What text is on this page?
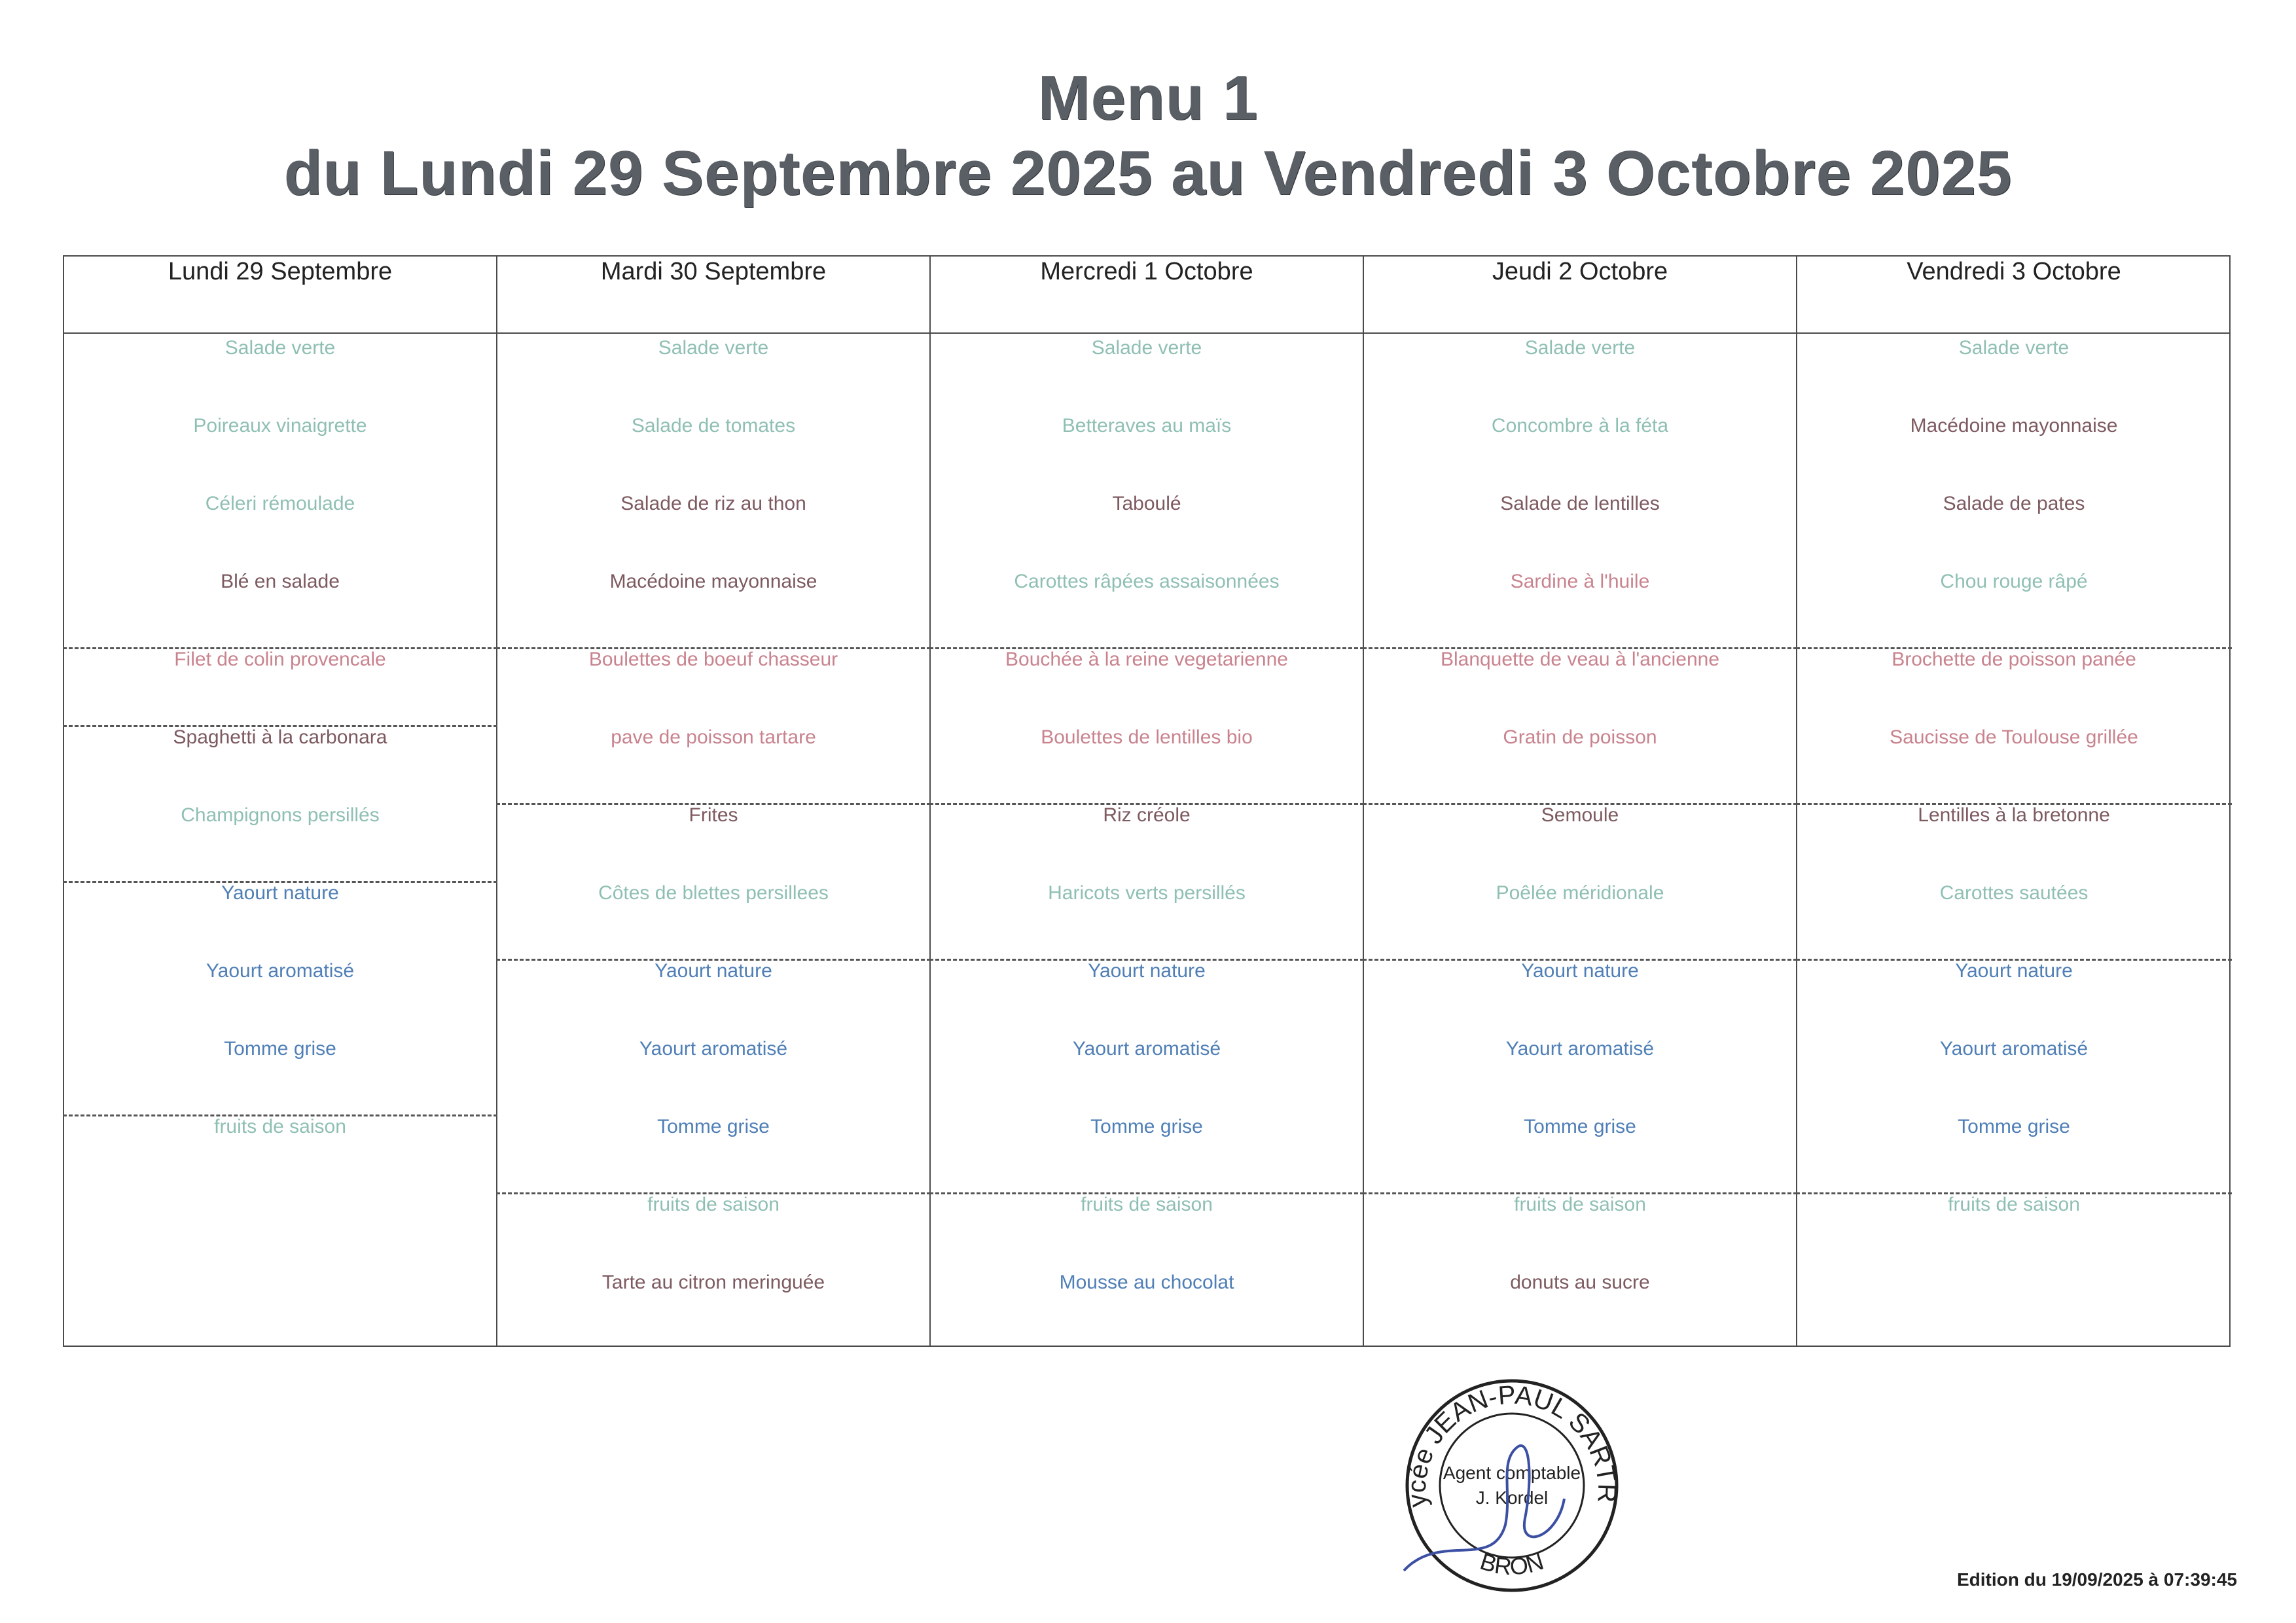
Menu 1
du Lundi 29 Septembre 2025 au Vendredi 3 Octobre 2025
Lundi 29 Septembre
Salade verte
Poireaux vinaigrette
Céleri rémoulade
Blé en salade
Filet de colin provencale
Spaghetti à la carbonara
Champignons persillés
Yaourt nature
Yaourt aromatisé
Tomme grise
fruits de saison
Mardi 30 Septembre
Salade verte
Salade de tomates
Salade de riz au thon
Macédoine mayonnaise
Boulettes de boeuf chasseur
pave de poisson tartare
Frites
Côtes de blettes persillees
Yaourt nature
Yaourt aromatisé
Tomme grise
fruits de saison
Tarte au citron meringuée
Mercredi 1 Octobre
Salade verte
Betteraves au maïs
Taboulé
Carottes râpées assaisonnées
Bouchée à la reine vegetarienne
Boulettes de lentilles bio
Riz créole
Haricots verts persillés
Yaourt nature
Yaourt aromatisé
Tomme grise
fruits de saison
Mousse au chocolat
Jeudi 2 Octobre
Salade verte
Concombre à la féta
Salade de lentilles
Sardine à l'huile
Blanquette de veau à l'ancienne
Gratin de poisson
Semoule
Poêlée méridionale
Yaourt nature
Yaourt aromatisé
Tomme grise
fruits de saison
donuts au sucre
Vendredi 3 Octobre
Salade verte
Macédoine mayonnaise
Salade de pates
Chou rouge râpé
Brochette de poisson panée
Saucisse de Toulouse grillée
Lentilles à la bretonne
Carottes sautées
Yaourt nature
Yaourt aromatisé
Tomme grise
fruits de saison
ycée JEAN-PAUL SARTR
BRON
Agent comptable
J. Kordel
Edition du 19/09/2025 à 07:39:45
